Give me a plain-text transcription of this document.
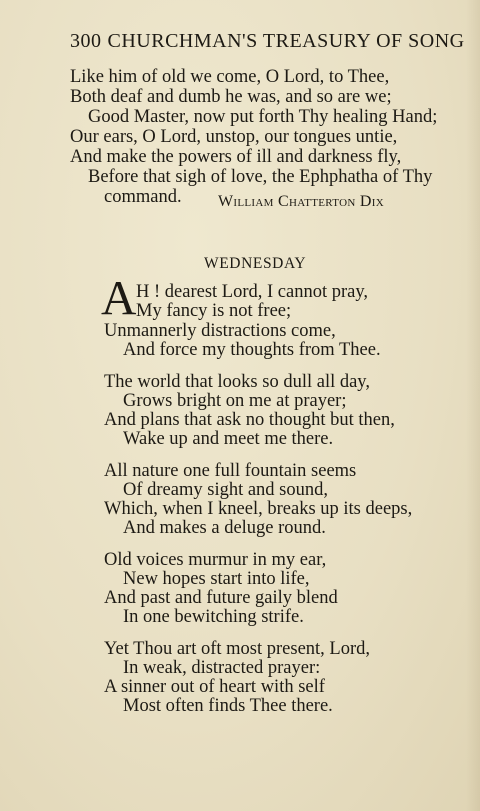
300 CHURCHMAN'S TREASURY OF SONG
Like him of old we come, O Lord, to Thee,
Both deaf and dumb he was, and so are we;
Good Master, now put forth Thy healing Hand;
Our ears, O Lord, unstop, our tongues untie,
And make the powers of ill and darkness fly,
Before that sigh of love, the Ephphatha of Thy
command. William Chatterton Dix
WEDNESDAY
A H ! dearest Lord, I cannot pray,
My fancy is not free;
Unmannerly distractions come,
And force my thoughts from Thee.
The world that looks so dull all day,
Grows bright on me at prayer;
And plans that ask no thought but then,
Wake up and meet me there.
All nature one full fountain seems
Of dreamy sight and sound,
Which, when I kneel, breaks up its deeps,
And makes a deluge round.
Old voices murmur in my ear,
New hopes start into life,
And past and future gaily blend
In one bewitching strife.
Yet Thou art oft most present, Lord,
In weak, distracted prayer:
A sinner out of heart with self
Most often finds Thee there.
